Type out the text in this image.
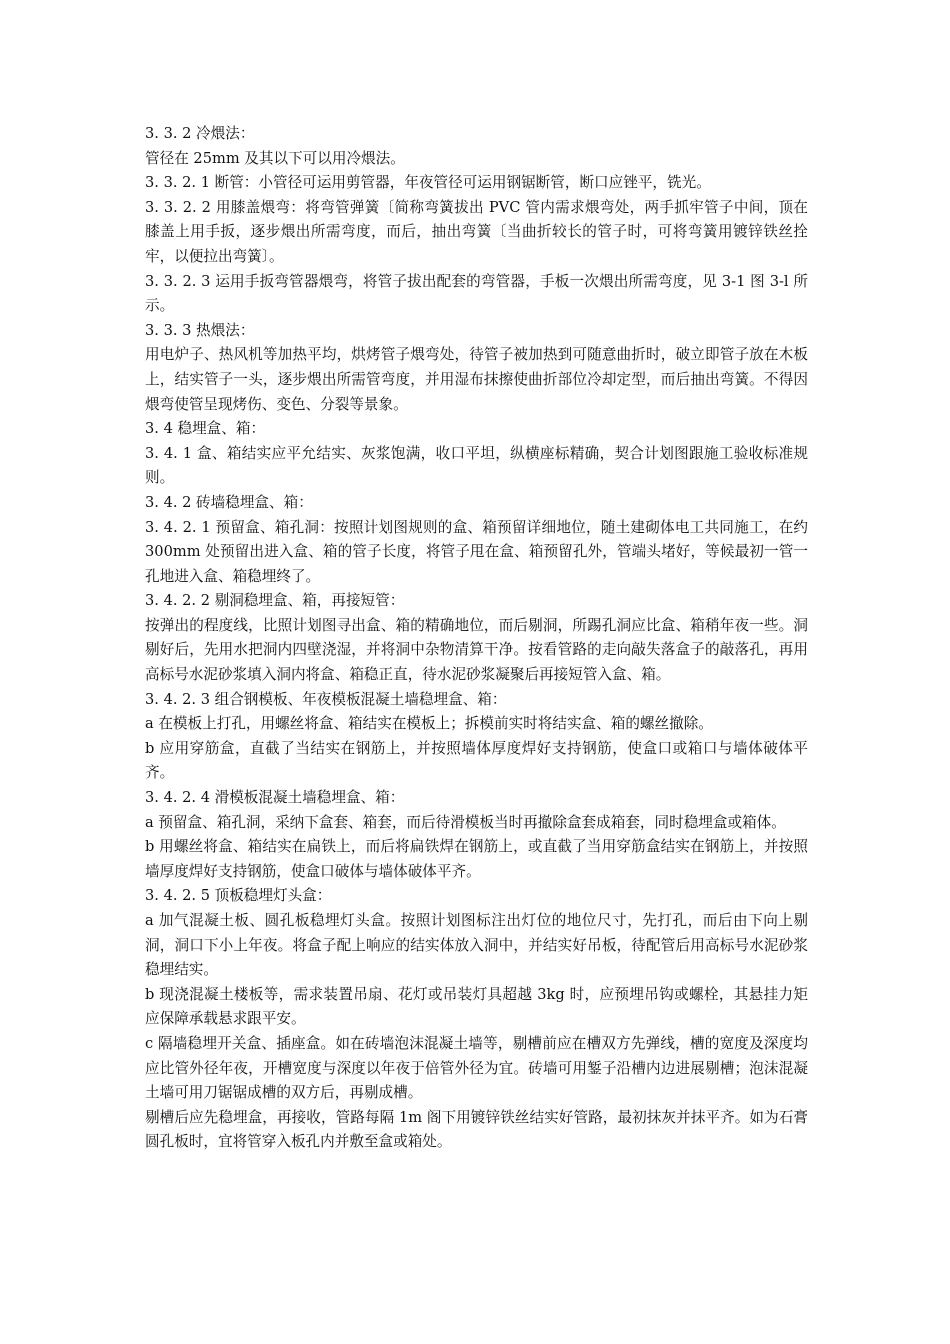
3. 3. 2 冷煨法：

管径在 25mm 及其以下可以用冷煨法。

3. 3. 2. 1 断管：小管径可运用剪管器，年夜管径可运用钢锯断管，断口应锉平，铣光。

3. 3. 2. 2 用膝盖煨弯：将弯管弹簧〔简称弯簧拔出 PVC 管内需求煨弯处，两手抓牢管子中间，顶在膝盖上用手扳，逐步煨出所需弯度，而后，抽出弯簧〔当曲折较长的管子时，可将弯簧用镀锌铁丝拴牢，以便拉出弯簧〕。

3. 3. 2. 3 运用手扳弯管器煨弯，将管子拔出配套的弯管器，手板一次煨出所需弯度，见 3-1 图 3-l 所示。

3. 3. 3 热煨法：

用电炉子、热风机等加热平均，烘烤管子煨弯处，待管子被加热到可随意曲折时，破立即管子放在木板上，结实管子一头，逐步煨出所需管弯度，并用湿布抹擦使曲折部位冷却定型，而后抽出弯簧。不得因煨弯使管呈现烤伤、变色、分裂等景象。

3. 4 稳埋盒、箱：

3. 4. 1 盒、箱结实应平允结实、灰浆饱满，收口平坦，纵横座标精确，契合计划图跟施工验收标准规则。

3. 4. 2 砖墙稳埋盒、箱：

3. 4. 2. 1 预留盒、箱孔洞：按照计划图规则的盒、箱预留详细地位，随土建砌体电工共同施工，在约 300mm 处预留出进入盒、箱的管子长度，将管子甩在盒、箱预留孔外，管端头堵好，等候最初一管一孔地进入盒、箱稳埋终了。

3. 4. 2. 2 剔洞稳埋盒、箱，再接短管：

按弹出的程度线，比照计划图寻出盒、箱的精确地位，而后剔洞，所踢孔洞应比盒、箱稍年夜一些。洞剔好后，先用水把洞内四壁浇湿，并将洞中杂物清算干净。按看管路的走向敲失落盒子的敲落孔，再用高标号水泥砂浆填入洞内将盒、箱稳正直，待水泥砂浆凝聚后再接短管入盒、箱。

3. 4. 2. 3 组合钢模板、年夜模板混凝土墙稳埋盒、箱：

a 在模板上打孔，用螺丝将盒、箱结实在模板上；拆模前实时将结实盒、箱的螺丝撤除。

b 应用穿筋盒，直截了当结实在钢筋上，并按照墙体厚度焊好支持钢筋，使盒口或箱口与墙体破体平齐。

3. 4. 2. 4 滑模板混凝土墙稳埋盒、箱：

a 预留盒、箱孔洞，采纳下盒套、箱套，而后待滑模板当时再撤除盒套成箱套，同时稳埋盒或箱体。

b 用螺丝将盒、箱结实在扁铁上，而后将扁铁焊在钢筋上，或直截了当用穿筋盒结实在钢筋上，并按照墙厚度焊好支持钢筋，使盒口破体与墙体破体平齐。

3. 4. 2. 5 顶板稳埋灯头盒：

a 加气混凝土板、圆孔板稳埋灯头盒。按照计划图标注出灯位的地位尺寸，先打孔，而后由下向上剔洞，洞口下小上年夜。将盒子配上响应的结实体放入洞中，并结实好吊板，待配管后用高标号水泥砂浆稳埋结实。

b 现浇混凝土楼板等，需求装置吊扇、花灯或吊装灯具超越 3kg 时，应预埋吊钩或螺栓，其悬挂力矩应保障承载悬求跟平安。

c 隔墙稳埋开关盒、插座盒。如在砖墙泡沫混凝土墙等，剔槽前应在槽双方先弹线，槽的宽度及深度均应比管外径年夜，开槽宽度与深度以年夜于倍管外径为宜。砖墙可用錾子沿槽内边进展剔槽；泡沫混凝土墙可用刀锯锯成槽的双方后，再剔成槽。

剔槽后应先稳埋盒，再接收，管路每隔 1m 阁下用镀锌铁丝结实好管路，最初抹灰并抹平齐。如为石膏圆孔板时，宜将管穿入板孔内并敷至盒或箱处。
